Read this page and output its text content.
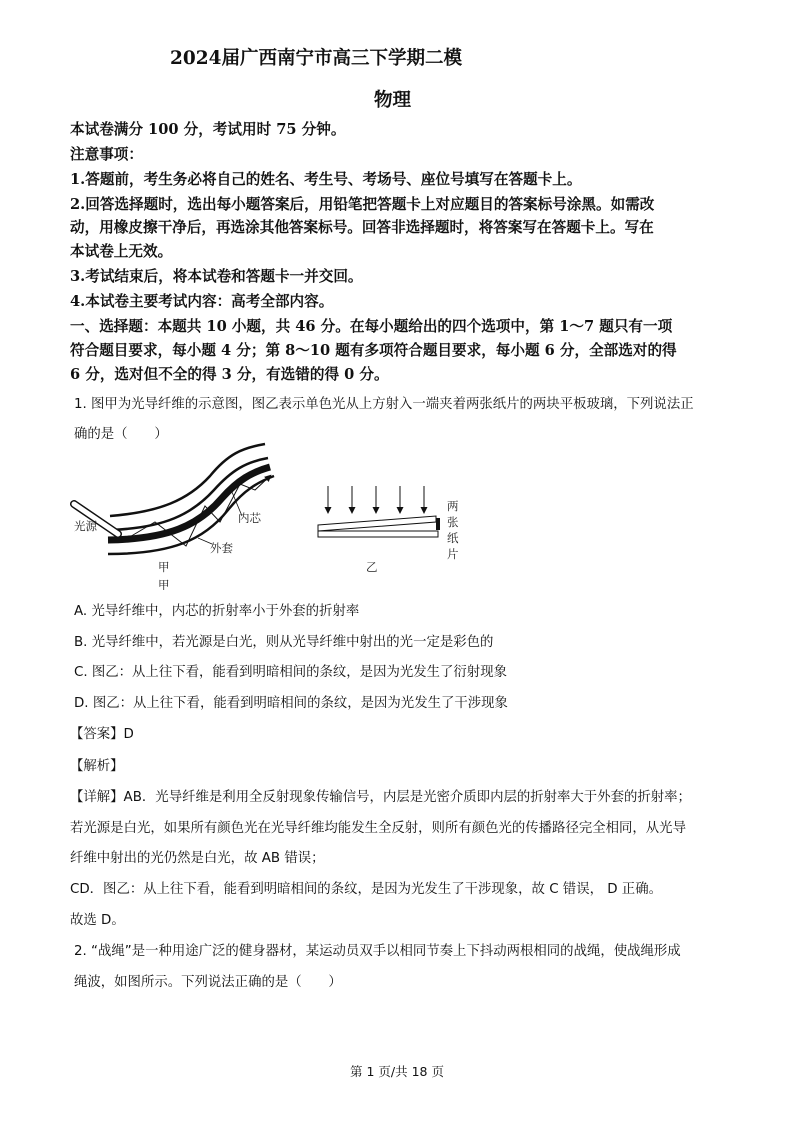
2024届广西南宁市高三下学期二模
物理
本试卷满分 100 分，考试用时 75 分钟。
注意事项：
1.答题前，考生务必将自己的姓名、考生号、考场号、座位号填写在答题卡上。
2.回答选择题时，选出每小题答案后，用铅笔把答题卡上对应题目的答案标号涂黑。如需改
动，用橡皮擦干净后，再选涂其他答案标号。回答非选择题时，将答案写在答题卡上。写在
本试卷上无效。
3.考试结束后，将本试卷和答题卡一并交回。
4.本试卷主要考试内容：高考全部内容。
一、选择题：本题共 10 小题，共 46 分。在每小题给出的四个选项中，第 1～7 题只有一项
符合题目要求，每小题 4 分；第 8～10 题有多项符合题目要求，每小题 6 分，全部选对的得
6 分，选对但不全的得 3 分，有选错的得 0 分。
1. 图甲为光导纤维的示意图，图乙表示单色光从上方射入一端夹着两张纸片的两块平板玻璃，下列说法正
确的是（　　）
光源
内芯
外套
甲
甲
两
张
纸
片
乙
A. 光导纤维中，内芯的折射率小于外套的折射率
B. 光导纤维中，若光源是白光，则从光导纤维中射出的光一定是彩色的
C. 图乙：从上往下看，能看到明暗相间的条纹，是因为光发生了衍射现象
D. 图乙：从上往下看，能看到明暗相间的条纹，是因为光发生了干涉现象
【答案】D
【解析】
【详解】AB．光导纤维是利用全反射现象传输信号，内层是光密介质即内层的折射率大于外套的折射率；
若光源是白光，如果所有颜色光在光导纤维均能发生全反射，则所有颜色光的传播路径完全相同，从光导
纤维中射出的光仍然是白光，故 AB 错误；
CD．图乙：从上往下看，能看到明暗相间的条纹，是因为光发生了干涉现象，故 C 错误， D 正确。
故选 D。
2. “战绳”是一种用途广泛的健身器材，某运动员双手以相同节奏上下抖动两根相同的战绳，使战绳形成
绳波，如图所示。下列说法正确的是（　　）
第 1 页/共 18 页
